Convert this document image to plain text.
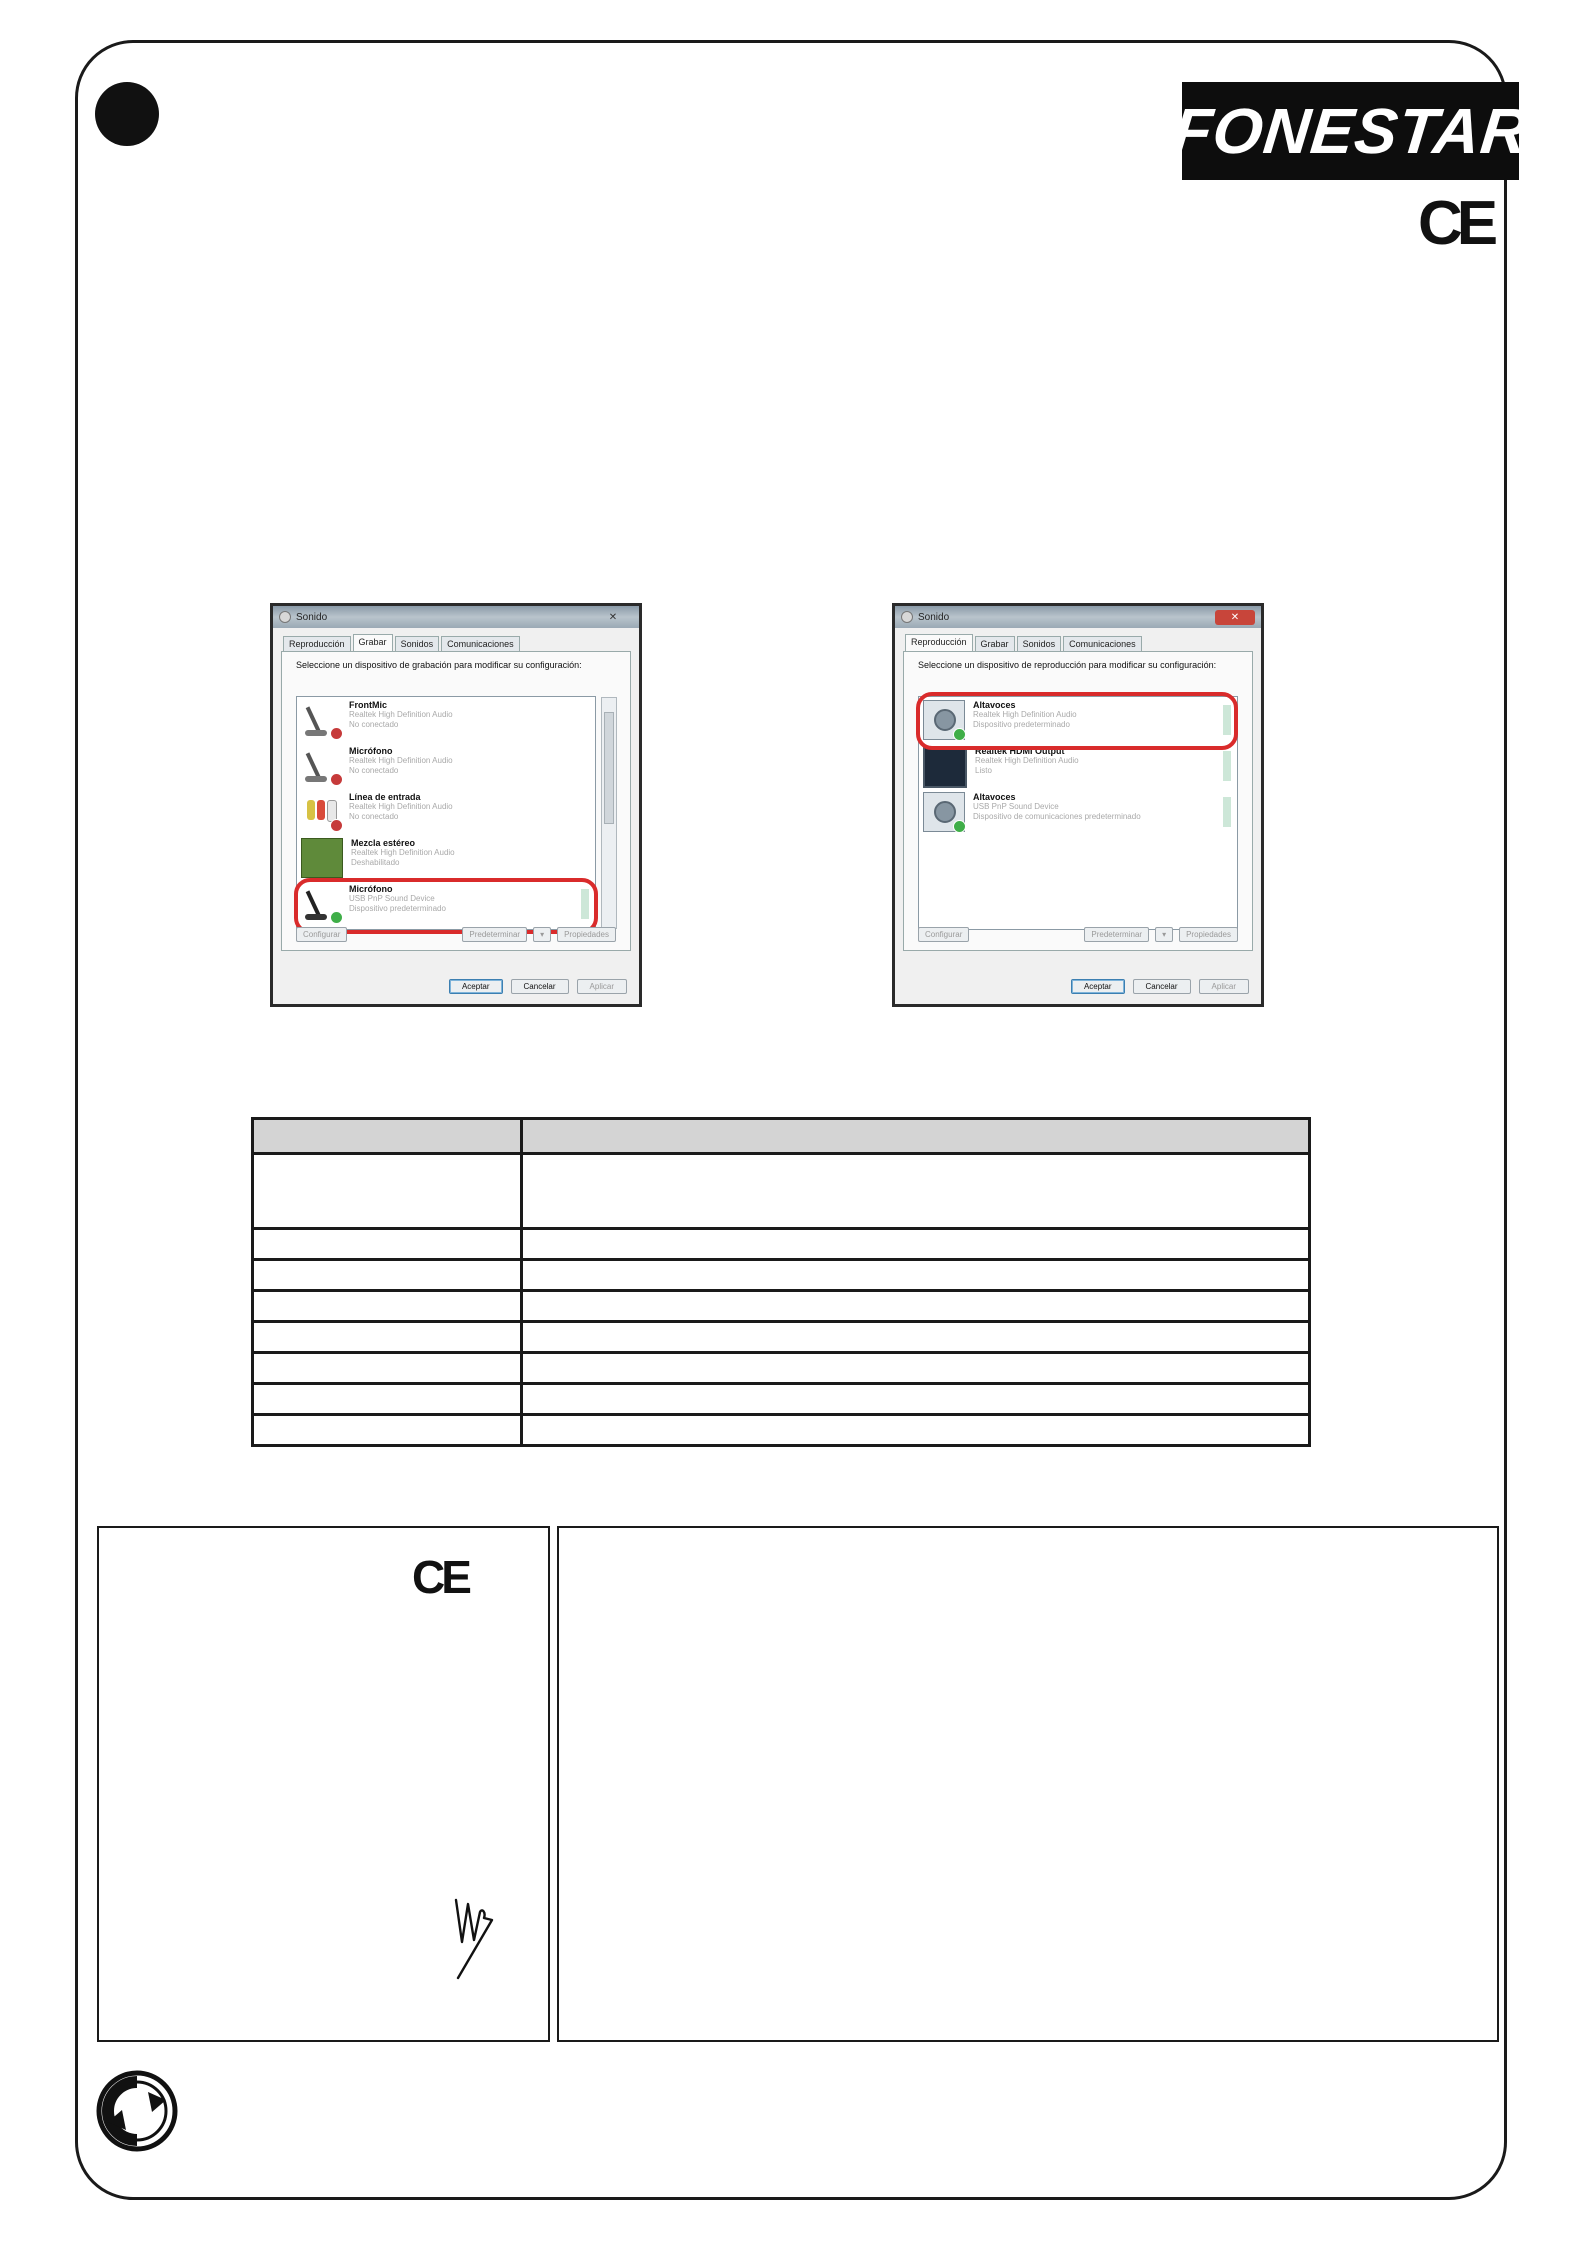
FONESTAR
CE
Sonido	✕
Reproducción	Grabar	Sonidos	Comunicaciones
Seleccione un dispositivo de grabación para modificar su configuración:
FrontMic
Realtek High Definition Audio
No conectado
Micrófono
Realtek High Definition Audio
No conectado
Línea de entrada
Realtek High Definition Audio
No conectado
Mezcla estéreo
Realtek High Definition Audio
Deshabilitado
Micrófono
USB PnP Sound Device
Dispositivo predeterminado
Configurar	Predeterminar	▾	Propiedades
Aceptar	Cancelar	Aplicar
Sonido	✕
Reproducción	Grabar	Sonidos	Comunicaciones
Seleccione un dispositivo de reproducción para modificar su configuración:
Altavoces
Realtek High Definition Audio
Dispositivo predeterminado
Realtek HDMI Output
Realtek High Definition Audio
Listo
Altavoces
USB PnP Sound Device
Dispositivo de comunicaciones predeterminado
Configurar	Predeterminar	▾	Propiedades
Aceptar	Cancelar	Aplicar

CE
